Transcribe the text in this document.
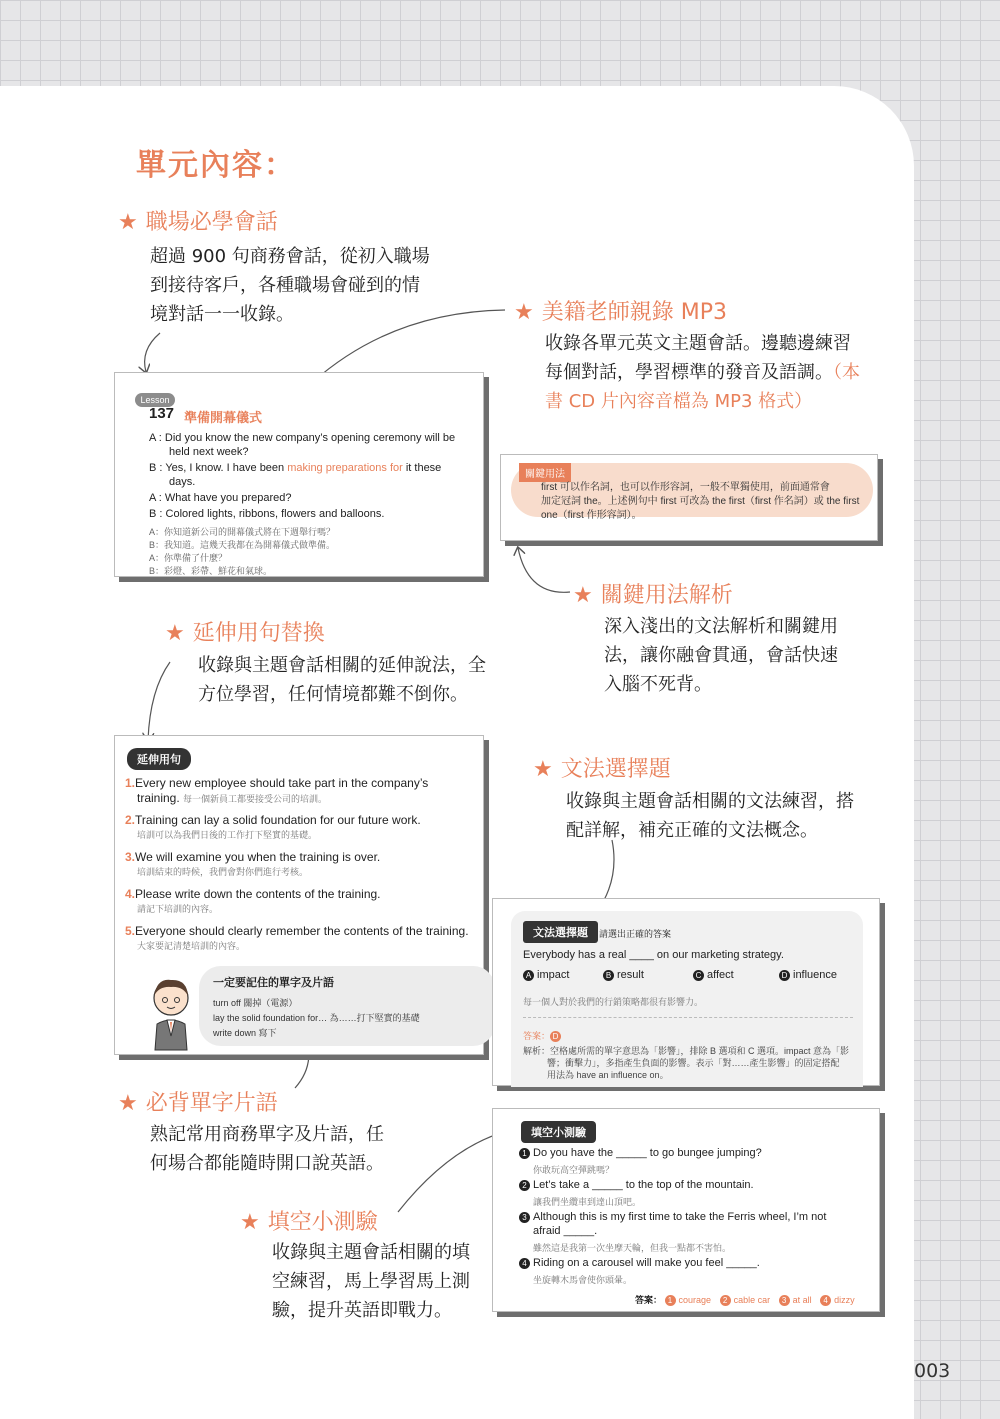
003
單元內容：
★ 職場必學會話
超過 900 句商務會話，從初入職場
到接待客戶，各種職場會碰到的情
境對話一一收錄。	★ 美籍老師親錄 MP3
收錄各單元英文主題會話。邊聽邊練習
每個對話，學習標準的發音及語調。（本
書 CD 片內容音檔為 MP3 格式）
★ 關鍵用法解析
深入淺出的文法解析和關鍵用
法，讓你融會貫通，會話快速
入腦不死背。
★ 延伸用句替換
收錄與主題會話相關的延伸說法，全
方位學習，任何情境都難不倒你。
★ 文法選擇題
收錄與主題會話相關的文法練習，搭
配詳解，補充正確的文法概念。
★ 必背單字片語
熟記常用商務單字及片語，任
何場合都能隨時開口說英語。
★ 填空小測驗
收錄與主題會話相關的填
空練習，馬上學習馬上測
驗，提升英語即戰力。
Lesson
137 準備開幕儀式
A : Did you know the new company’s opening ceremony will be
held next week?
B : Yes, I know. I have been making preparations for it these
days.
A : What have you prepared?
B : Colored lights, ribbons, flowers and balloons.
A：你知道新公司的開幕儀式將在下週舉行嗎？
B：我知道。這幾天我都在為開幕儀式做準備。
A：你準備了什麼？
B：彩燈、彩帶、鮮花和氣球。
關鍵用法
first 可以作名詞，也可以作形容詞，一般不單獨使用，前面通常會
加定冠詞 the。上述例句中 first 可改為 the first（first 作名詞）或 the first
one（first 作形容詞）。
延伸用句
1.Every new employee should take part in the company’s
training. 每一個新員工都要接受公司的培訓。
2.Training can lay a solid foundation for our future work.
培訓可以為我們日後的工作打下堅實的基礎。
3.We will examine you when the training is over.
培訓結束的時候，我們會對你們進行考核。
4.Please write down the contents of the training.
請記下培訓的內容。
5.Everyone should clearly remember the contents of the training.
大家要記清楚培訓的內容。
一定要記住的單字及片語
turn off 關掉（電源）
lay the solid foundation for… 為……打下堅實的基礎
write down 寫下
文法選擇題	請選出正確的答案
Everybody has a real ____ on our marketing strategy.
A impact	B result	C affect	D influence
每一個人對於我們的行銷策略都很有影響力。
答案： D
解析：空格處所需的單字意思為「影響」，排除 B 選項和 C 選項。impact 意為「影
響；衝擊力」，多指產生負面的影響。表示「對……產生影響」的固定搭配
用法為 have an influence on。
填空小測驗
1 Do you have the _____ to go bungee jumping?
你敢玩高空彈跳嗎？
2 Let’s take a _____ to the top of the mountain.
讓我們坐纜車到達山頂吧。
3 Although this is my first time to take the Ferris wheel, I’m not
afraid _____.
雖然這是我第一次坐摩天輪，但我一點都不害怕。
4 Riding on a carousel will make you feel _____.
坐旋轉木馬會使你頭暈。
答案： 1 courage 2 cable car 3 at all 4 dizzy
